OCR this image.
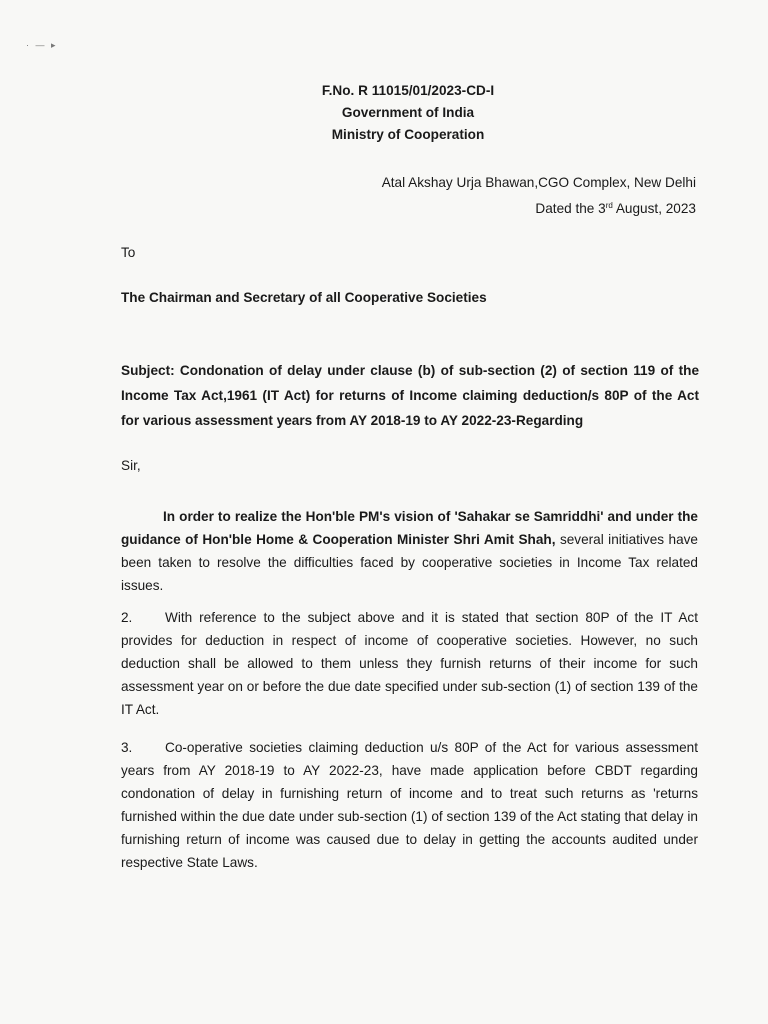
· — ▸
F.No. R 11015/01/2023-CD-I
Government of India
Ministry of Cooperation
Atal Akshay Urja Bhawan,CGO Complex, New Delhi
Dated the 3rd August, 2023
To
The Chairman and Secretary of all Cooperative Societies
Subject: Condonation of delay under clause (b) of sub-section (2) of section 119 of the Income Tax Act,1961 (IT Act) for returns of Income claiming deduction/s 80P of the Act for various assessment years from AY 2018-19 to AY 2022-23-Regarding
Sir,
In order to realize the Hon'ble PM's vision of 'Sahakar se Samriddhi' and under the guidance of Hon'ble Home & Cooperation Minister Shri Amit Shah, several initiatives have been taken to resolve the difficulties faced by cooperative societies in Income Tax related issues.
2. With reference to the subject above and it is stated that section 80P of the IT Act provides for deduction in respect of income of cooperative societies. However, no such deduction shall be allowed to them unless they furnish returns of their income for such assessment year on or before the due date specified under sub-section (1) of section 139 of the IT Act.
3. Co-operative societies claiming deduction u/s 80P of the Act for various assessment years from AY 2018-19 to AY 2022-23, have made application before CBDT regarding condonation of delay in furnishing return of income and to treat such returns as 'returns furnished within the due date under sub-section (1) of section 139 of the Act stating that delay in furnishing return of income was caused due to delay in getting the accounts audited under respective State Laws.
